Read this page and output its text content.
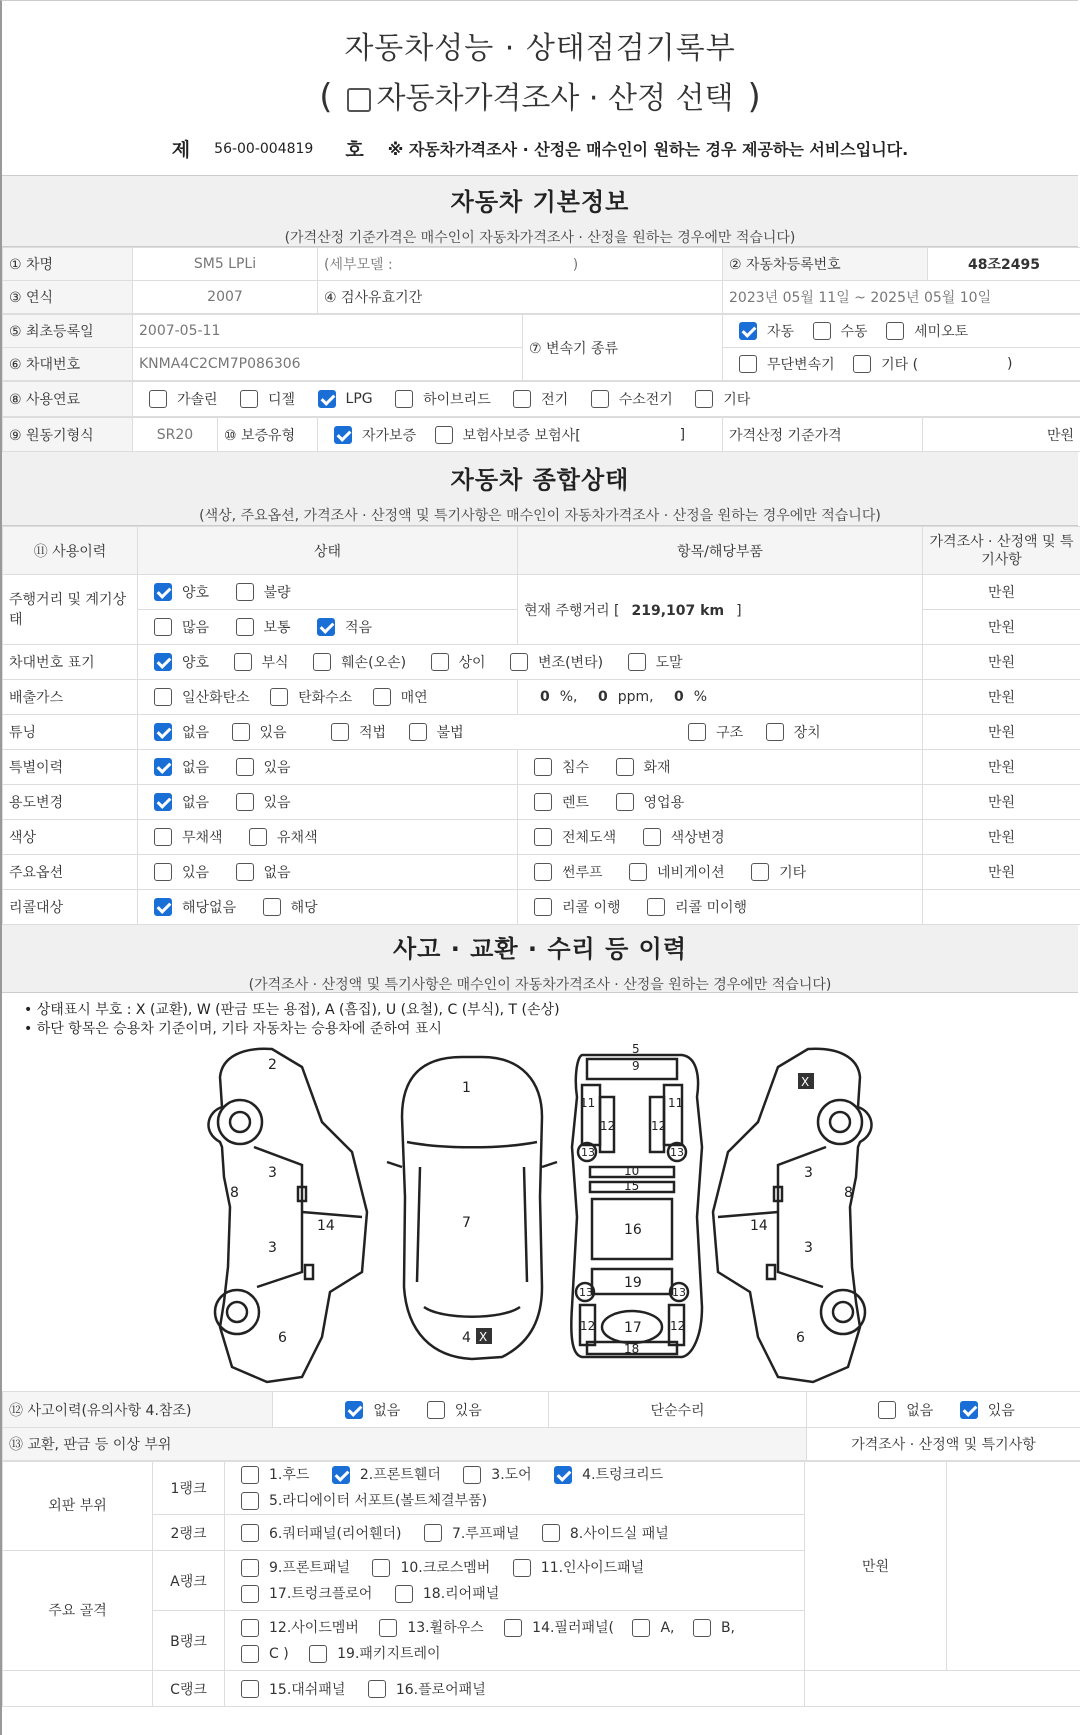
자동차성능 · 상태점검기록부
( 자동차가격조사 · 산정 선택 )
제 56-00-004819 호 ※ 자동차가격조사 · 산정은 매수인이 원하는 경우 제공하는 서비스입니다.
자동차 기본정보
(가격산정 기준가격은 매수인이 자동차가격조사 · 산정을 원하는 경우에만 적습니다)
① 차명	SM5 LPLi	(세부모델 : )	② 자동차등록번호	48조2495
③ 연식	2007	④ 검사유효기간	2023년 05월 11일 ~ 2025년 05월 10일	
⑤ 최초등록일	2007-05-11	⑦ 변속기 종류	자동 수동 세미오토
⑥ 차대번호	KNMA4C2CM7P086306		무단변속기 기타 ( )
⑧ 사용연료	가솔린	디젤	LPG	하이브리드	전기	수소전기	기타
⑨ 원동기형식	SR20	⑩ 보증유형	자가보증	보험사보증 보험사[	]	가격산정 기준가격	만원
자동차 종합상태
(색상, 주요옵션, 가격조사 · 산정액 및 특기사항은 매수인이 자동차가격조사 · 산정을 원하는 경우에만 적습니다)
⑪ 사용이력	상태	항목/해당부품	가격조사 · 산정액 및 특기사항
주행거리 및 계기상태	양호 불량	현재 주행거리 [ 219,107 km ]	만원
	많음 보통 적음		만원
차대번호 표기	양호 부식 훼손(오손) 상이 변조(변타) 도말		만원
배출가스	일산화탄소 탄화수소 매연	0 %, 0 ppm, 0 %	만원
튜닝	없음 있음 적법 불법 구조 장치		만원
특별이력	없음 있음	침수 화재	만원
용도변경	없음 있음	렌트 영업용	만원
색상	무채색 유채색	전체도색 색상변경	만원
주요옵션	있음 없음	썬루프 네비게이션 기타	만원
리콜대상	해당없음 해당	리콜 이행 리콜 미이행	
사고 · 교환 · 수리 등 이력
(가격조사 · 산정액 및 특기사항은 매수인이 자동차가격조사 · 산정을 원하는 경우에만 적습니다)
• 상태표시 부호 : X (교환), W (판금 또는 용접), A (흠집), U (요철), C (부식), T (손상)
• 하단 항목은 승용차 기준이며, 기타 자동차는 승용차에 준하여 표시
2
3
3
8
14
6
1
7
4 X
5
9
11	11
12	12
13	13
10
15
16
19
13	13
12	12
17
18
X
3
3
8
14
6
⑫ 사고이력(유의사항 4.참조)	없음 있음	단순수리	없음 있음
⑬ 교환, 판금 등 이상 부위			가격조사 · 산정액 및 특기사항
외판 부위	1랭크	1.후드 2.프론트휀더 3.도어 4.트렁크리드
5.라디에이터 서포트(볼트체결부품)	만원	
	2랭크	6.쿼터패널(리어휀더) 7.루프패널 8.사이드실 패널		
주요 골격	A랭크	9.프론트패널 10.크로스멤버 11.인사이드패널
17.트렁크플로어 18.리어패널		
	B랭크	12.사이드멤버 13.휠하우스 14.필러패널( A, B,
C ) 19.패키지트레이		
	C랭크	15.대쉬패널 16.플로어패널		
